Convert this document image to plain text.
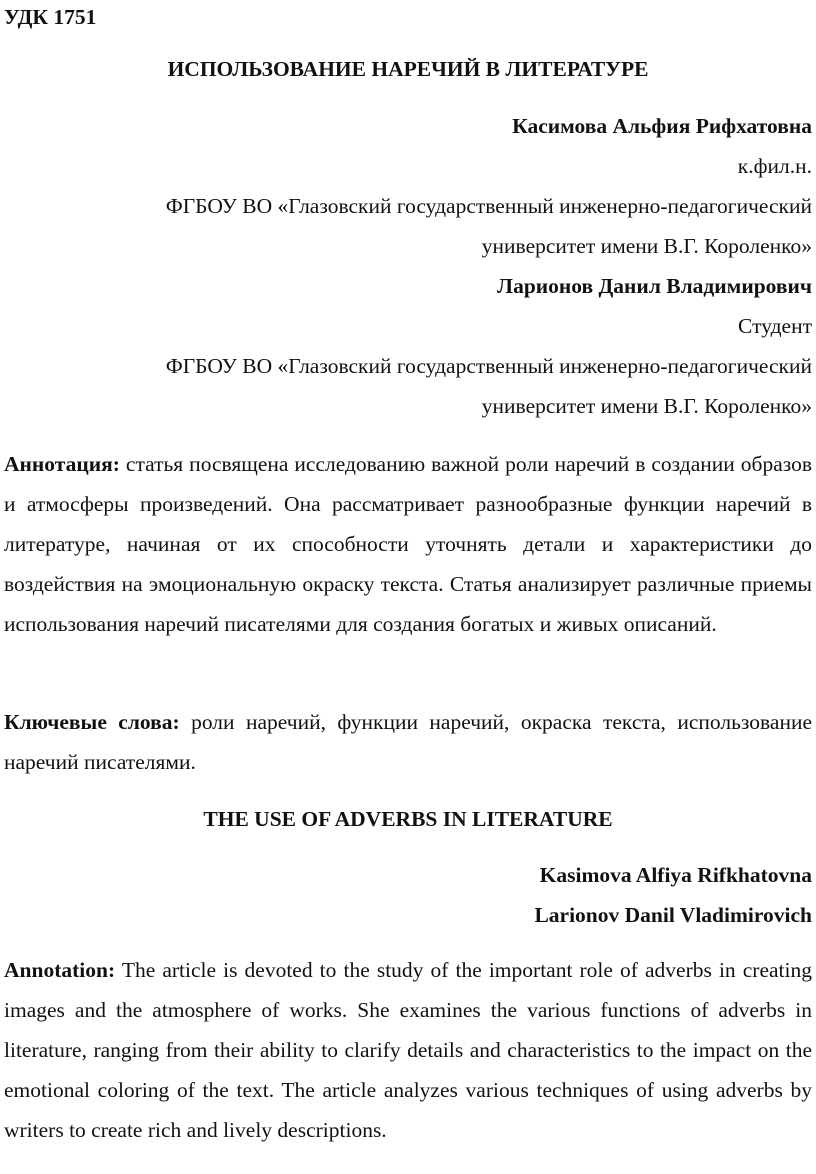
УДК 1751
ИСПОЛЬЗОВАНИЕ НАРЕЧИЙ В ЛИТЕРАТУРЕ
Касимова Альфия Рифхатовна
к.фил.н.
ФГБОУ ВО «Глазовский государственный инженерно-педагогический
университет имени В.Г. Короленко»
Ларионов Данил Владимирович
Студент
ФГБОУ ВО «Глазовский государственный инженерно-педагогический
университет имени В.Г. Короленко»
Аннотация: статья посвящена исследованию важной роли наречий в создании образов и атмосферы произведений. Она рассматривает разнообразные функции наречий в литературе, начиная от их способности уточнять детали и характеристики до воздействия на эмоциональную окраску текста. Статья анализирует различные приемы использования наречий писателями для создания богатых и живых описаний.
Ключевые слова: роли наречий, функции наречий, окраска текста, использование наречий писателями.
THE USE OF ADVERBS IN LITERATURE
Kasimova Alfiya Rifkhatovna
Larionov Danil Vladimirovich
Annotation: The article is devoted to the study of the important role of adverbs in creating images and the atmosphere of works. She examines the various functions of adverbs in literature, ranging from their ability to clarify details and characteristics to the impact on the emotional coloring of the text. The article analyzes various techniques of using adverbs by writers to create rich and lively descriptions.
